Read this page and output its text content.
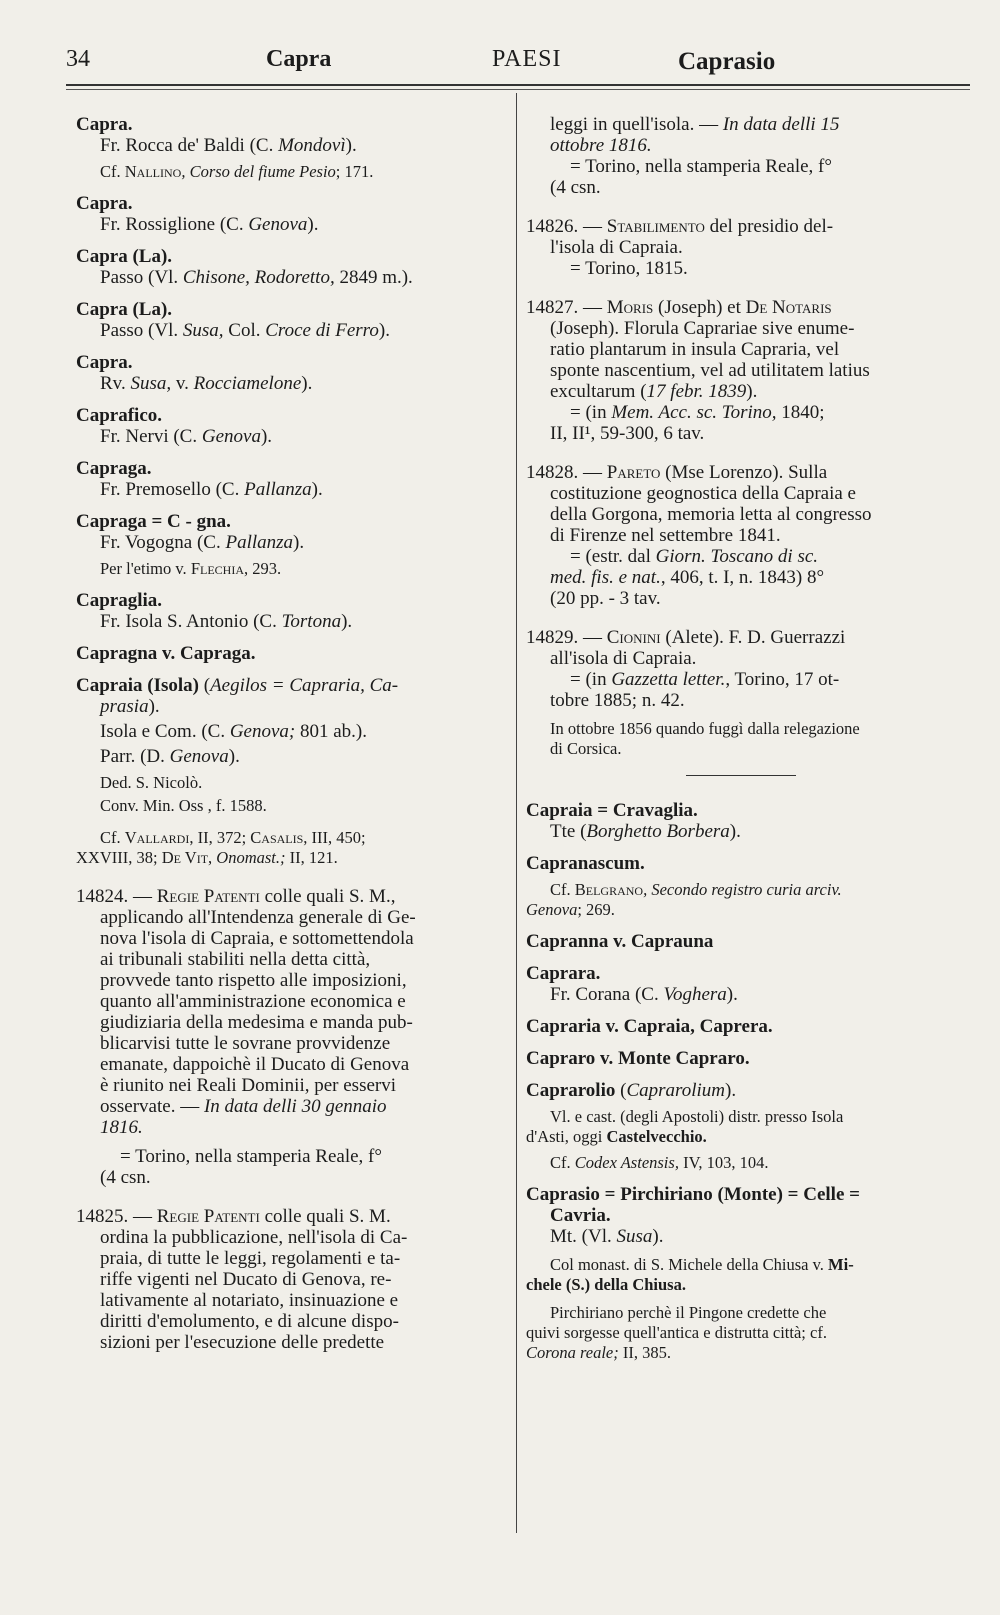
34	Capra	PAESI	Caprasio
Capra.
Fr. Rocca de' Baldi (C. Mondovì).
Cf. Nallino, Corso del fiume Pesio; 171.
Capra.
Fr. Rossiglione (C. Genova).
Capra (La).
Passo (Vl. Chisone, Rodoretto, 2849 m.).
Capra (La).
Passo (Vl. Susa, Col. Croce di Ferro).
Capra.
Rv. Susa, v. Rocciamelone).
Caprafico.
Fr. Nervi (C. Genova).
Capraga.
Fr. Premosello (C. Pallanza).
Capraga = C - gna.
Fr. Vogogna (C. Pallanza).
Per l'etimo v. Flechia, 293.
Capraglia.
Fr. Isola S. Antonio (C. Tortona).
Capragna v. Capraga.
Capraia (Isola) (Aegilos = Capraria, Ca-
prasia).
Isola e Com. (C. Genova; 801 ab.).
Parr. (D. Genova).
Ded. S. Nicolò.
Conv. Min. Oss , f. 1588.
Cf. Vallardi, II, 372; Casalis, III, 450;
XXVIII, 38; De Vit, Onomast.; II, 121.
14824. — Regie Patenti colle quali S. M.,
applicando all'Intendenza generale di Ge-
nova l'isola di Capraia, e sottomettendola
ai tribunali stabiliti nella detta città,
provvede tanto rispetto alle imposizioni,
quanto all'amministrazione economica e
giudiziaria della medesima e manda pub-
blicarvisi tutte le sovrane provvidenze
emanate, dappoichè il Ducato di Genova
è riunito nei Reali Dominii, per esservi
osservate. — In data delli 30 gennaio
1816.
= Torino, nella stamperia Reale, f°
(4 csn.
14825. — Regie Patenti colle quali S. M.
ordina la pubblicazione, nell'isola di Ca-
praia, di tutte le leggi, regolamenti e ta-
riffe vigenti nel Ducato di Genova, re-
lativamente al notariato, insinuazione e
diritti d'emolumento, e di alcune dispo-
sizioni per l'esecuzione delle predette
leggi in quell'isola. — In data delli 15
ottobre 1816.
= Torino, nella stamperia Reale, f°
(4 csn.
14826. — Stabilimento del presidio del-
l'isola di Capraia.
= Torino, 1815.
14827. — Moris (Joseph) et De Notaris
(Joseph). Florula Caprariae sive enume-
ratio plantarum in insula Capraria, vel
sponte nascentium, vel ad utilitatem latius
excultarum (17 febr. 1839).
= (in Mem. Acc. sc. Torino, 1840;
II, II¹, 59-300, 6 tav.
14828. — Pareto (Mse Lorenzo). Sulla
costituzione geognostica della Capraia e
della Gorgona, memoria letta al congresso
di Firenze nel settembre 1841.
= (estr. dal Giorn. Toscano di sc.
med. fis. e nat., 406, t. I, n. 1843) 8°
(20 pp. - 3 tav.
14829. — Cionini (Alete). F. D. Guerrazzi
all'isola di Capraia.
= (in Gazzetta letter., Torino, 17 ot-
tobre 1885; n. 42.
In ottobre 1856 quando fuggì dalla relegazione
di Corsica.
Capraia = Cravaglia.
Tte (Borghetto Borbera).
Capranascum.
Cf. Belgrano, Secondo registro curia arciv.
Genova; 269.
Capranna v. Caprauna
Caprara.
Fr. Corana (C. Voghera).
Capraria v. Capraia, Caprera.
Capraro v. Monte Capraro.
Caprarolio (Caprarolium).
Vl. e cast. (degli Apostoli) distr. presso Isola
d'Asti, oggi Castelvecchio.
Cf. Codex Astensis, IV, 103, 104.
Caprasio = Pirchiriano (Monte) = Celle =
Cavria.
Mt. (Vl. Susa).
Col monast. di S. Michele della Chiusa v. Mi-
chele (S.) della Chiusa.
Pirchiriano perchè il Pingone credette che
quivi sorgesse quell'antica e distrutta città; cf.
Corona reale; II, 385.
